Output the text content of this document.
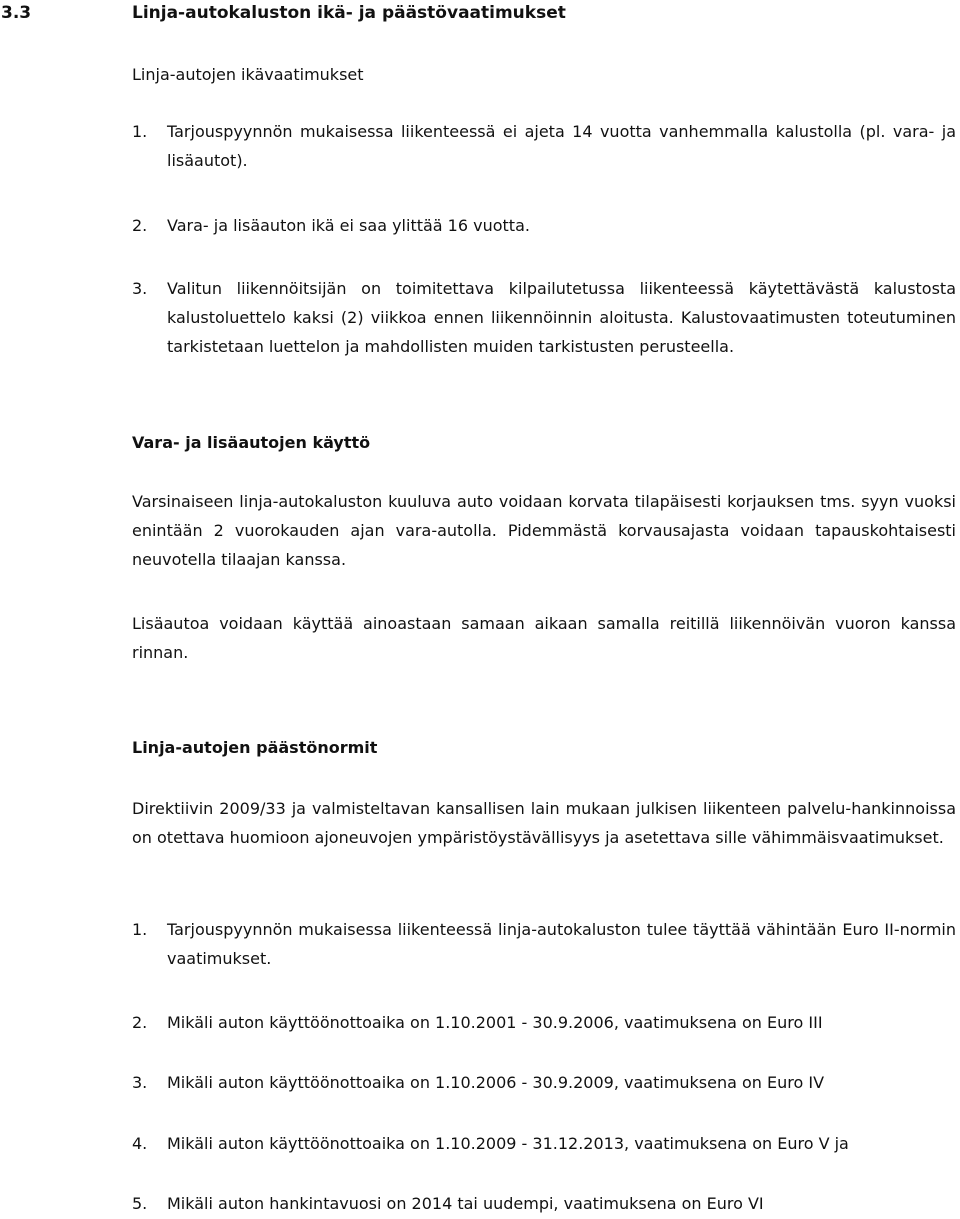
3.3	Linja-autokaluston ikä- ja päästövaatimukset
Linja-autojen ikävaatimukset
1. Tarjouspyynnön mukaisessa liikenteessä ei ajeta 14 vuotta vanhemmalla kalustolla (pl. vara- ja lisäautot).
2. Vara- ja lisäauton ikä ei saa ylittää 16 vuotta.
3. Valitun liikennöitsijän on toimitettava kilpailutetussa liikenteessä käytettävästä kalustosta kalustoluettelo kaksi (2) viikkoa ennen liikennöinnin aloitusta. Kalustovaatimusten toteutuminen tarkistetaan luettelon ja mahdollisten muiden tarkistusten perusteella.
Vara- ja lisäautojen käyttö
Varsinaiseen linja-autokaluston kuuluva auto voidaan korvata tilapäisesti korjauksen tms. syyn vuoksi enintään 2 vuorokauden ajan vara-autolla. Pidemmästä korvausajasta voidaan tapauskohtaisesti neuvotella tilaajan kanssa.
Lisäautoa voidaan käyttää ainoastaan samaan aikaan samalla reitillä liikennöivän vuoron kanssa rinnan.
Linja-autojen päästönormit
Direktiivin 2009/33 ja valmisteltavan kansallisen lain mukaan julkisen liikenteen palvelu-hankinnoissa on otettava huomioon ajoneuvojen ympäristöystävällisyys ja asetettava sille vähimmäisvaatimukset.
1. Tarjouspyynnön mukaisessa liikenteessä linja-autokaluston tulee täyttää vähintään Euro II-normin vaatimukset.
2. Mikäli auton käyttöönottoaika on 1.10.2001 - 30.9.2006, vaatimuksena on Euro III
3. Mikäli auton käyttöönottoaika on 1.10.2006 - 30.9.2009, vaatimuksena on Euro IV
4. Mikäli auton käyttöönottoaika on 1.10.2009 - 31.12.2013, vaatimuksena on Euro V ja
5. Mikäli auton hankintavuosi on 2014 tai uudempi, vaatimuksena on Euro VI
